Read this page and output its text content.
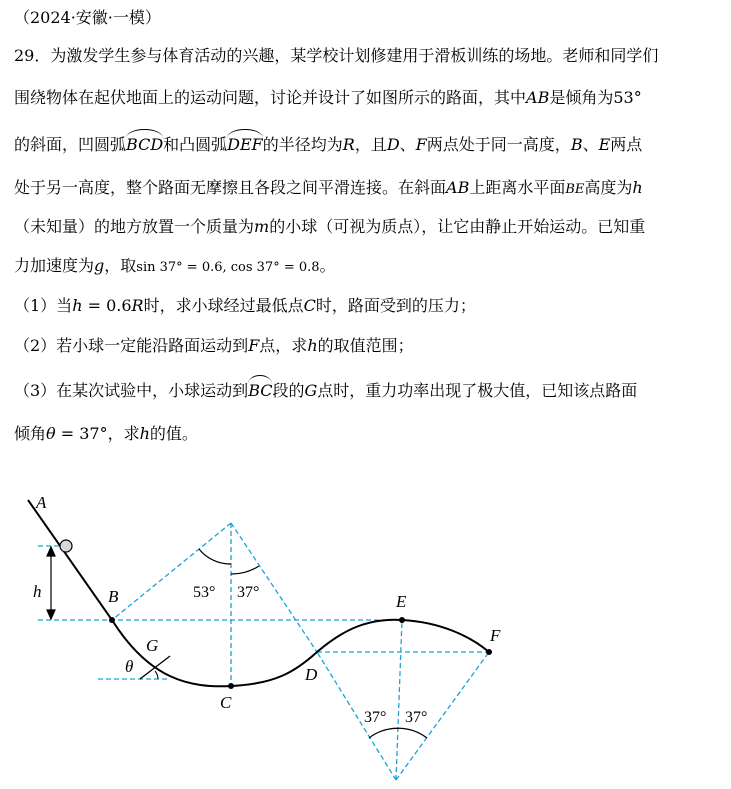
（2024·安徽·一模）
29．为激发学生参与体育活动的兴趣，某学校计划修建用于滑板训练的场地。老师和同学们
围绕物体在起伏地面上的运动问题，讨论并设计了如图所示的路面，其中AB是倾角为53°
的斜面，凹圆弧BCD和凸圆弧DEF的半径均为R，且D、F两点处于同一高度，B、E两点
处于另一高度，整个路面无摩擦且各段之间平滑连接。在斜面AB上距离水平面BE高度为h
（未知量）的地方放置一个质量为m的小球（可视为质点），让它由静止开始运动。已知重
力加速度为g，取sin 37° = 0.6, cos 37° = 0.8。
（1）当h = 0.6R时，求小球经过最低点C时，路面受到的压力；
（2）若小球一定能沿路面运动到F点，求h的取值范围；
（3）在某次试验中，小球运动到BC段的G点时，重力功率出现了极大值，已知该点路面
倾角θ = 37°，求h的值。
A
B
C
D
E
F
G
h
θ
53° 37°
37° 37°
